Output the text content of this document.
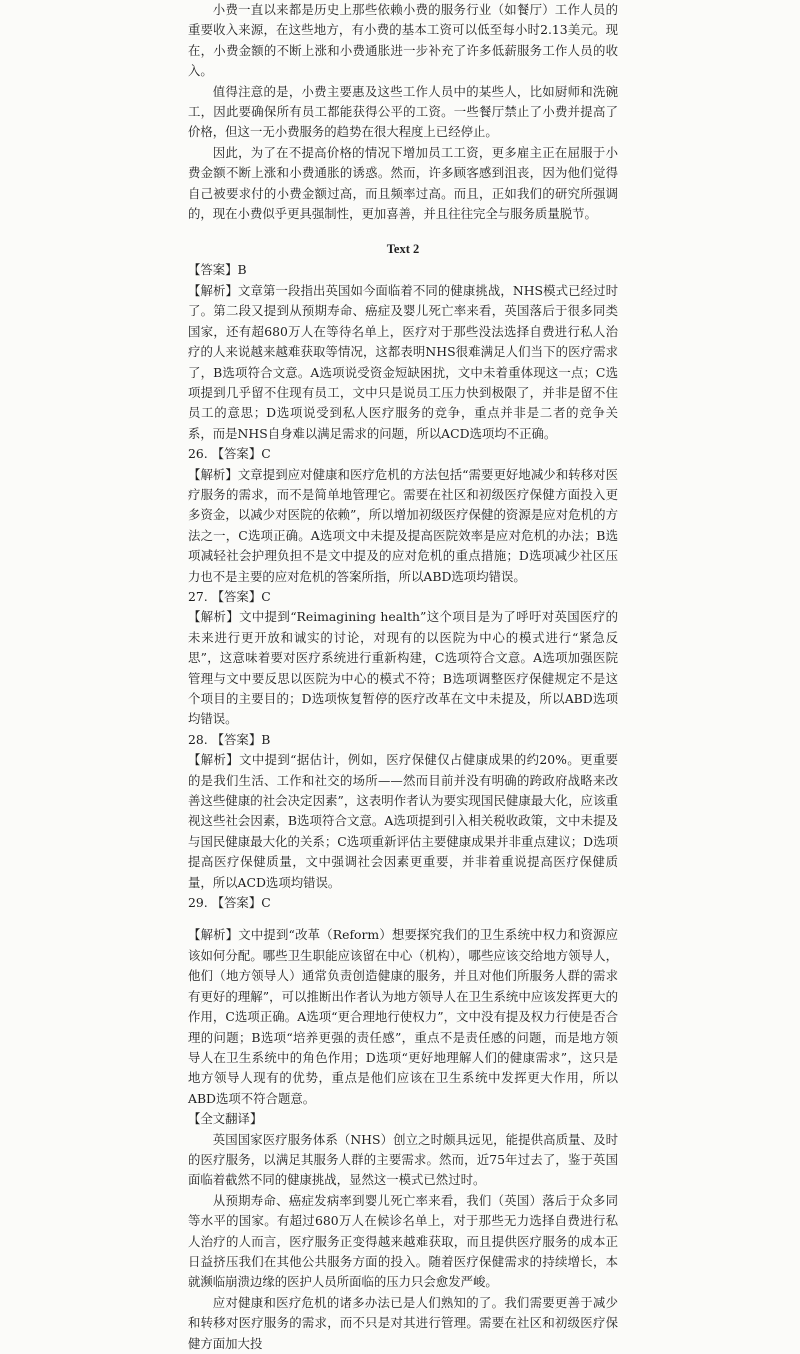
小费一直以来都是历史上那些依赖小费的服务行业（如餐厅）工作人员的重要收入来源，在这些地方，有小费的基本工资可以低至每小时2.13美元。现在，小费金额的不断上涨和小费通胀进一步补充了许多低薪服务工作人员的收入。

值得注意的是，小费主要惠及这些工作人员中的某些人，比如厨师和洗碗工，因此要确保所有员工都能获得公平的工资。一些餐厅禁止了小费并提高了价格，但这一无小费服务的趋势在很大程度上已经停止。

因此，为了在不提高价格的情况下增加员工工资，更多雇主正在屈服于小费金额不断上涨和小费通胀的诱惑。然而，许多顾客感到沮丧，因为他们觉得自己被要求付的小费金额过高，而且频率过高。而且，正如我们的研究所强调的，现在小费似乎更具强制性，更加喜善，并且往往完全与服务质量脱节。

Text 2

【答案】B

【解析】文章第一段指出英国如今面临着不同的健康挑战，NHS模式已经过时了。第二段又提到从预期寿命、癌症及婴儿死亡率来看，英国落后于很多同类国家，还有超680万人在等待名单上，医疗对于那些没法选择自费进行私人治疗的人来说越来越难获取等情况，这都表明NHS很难满足人们当下的医疗需求了，B选项符合文意。A选项说受资金短缺困扰，文中未着重体现这一点；C选项提到几乎留不住现有员工，文中只是说员工压力快到极限了，并非是留不住员工的意思；D选项说受到私人医疗服务的竞争，重点并非是二者的竞争关系，而是NHS自身难以满足需求的问题，所以ACD选项均不正确。

26. 【答案】C

【解析】文章提到应对健康和医疗危机的方法包括“需要更好地减少和转移对医疗服务的需求，而不是简单地管理它。需要在社区和初级医疗保健方面投入更多资金，以减少对医院的依赖”，所以增加初级医疗保健的资源是应对危机的方法之一，C选项正确。A选项文中未提及提高医院效率是应对危机的办法；B选项减轻社会护理负担不是文中提及的应对危机的重点措施；D选项减少社区压力也不是主要的应对危机的答案所指，所以ABD选项均错误。

27. 【答案】C

【解析】文中提到“Reimagining health”这个项目是为了呼吁对英国医疗的未来进行更开放和诚实的讨论，对现有的以医院为中心的模式进行“紧急反思”，这意味着要对医疗系统进行重新构建，C选项符合文意。A选项加强医院管理与文中要反思以医院为中心的模式不符；B选项调整医疗保健规定不是这个项目的主要目的；D选项恢复暂停的医疗改革在文中未提及，所以ABD选项均错误。

28. 【答案】B

【解析】文中提到“据估计，例如，医疗保健仅占健康成果的约20%。更重要的是我们生活、工作和社交的场所——然而目前并没有明确的跨政府战略来改善这些健康的社会决定因素”，这表明作者认为要实现国民健康最大化，应该重视这些社会因素，B选项符合文意。A选项提到引入相关税收政策，文中未提及与国民健康最大化的关系；C选项重新评估主要健康成果并非重点建议；D选项提高医疗保健质量，文中强调社会因素更重要，并非着重说提高医疗保健质量，所以ACD选项均错误。

29. 【答案】C

【解析】文中提到“改革（Reform）想要探究我们的卫生系统中权力和资源应该如何分配。哪些卫生职能应该留在中心（机构），哪些应该交给地方领导人，他们（地方领导人）通常负责创造健康的服务，并且对他们所服务人群的需求有更好的理解”，可以推断出作者认为地方领导人在卫生系统中应该发挥更大的作用，C选项正确。A选项“更合理地行使权力”，文中没有提及权力行使是否合理的问题；B选项“培养更强的责任感”，重点不是责任感的问题，而是地方领导人在卫生系统中的角色作用；D选项“更好地理解人们的健康需求”，这只是地方领导人现有的优势，重点是他们应该在卫生系统中发挥更大作用，所以ABD选项不符合题意。

【全文翻译】

英国国家医疗服务体系（NHS）创立之时颇具远见，能提供高质量、及时的医疗服务，以满足其服务人群的主要需求。然而，近75年过去了，鉴于英国面临着截然不同的健康挑战，显然这一模式已然过时。

从预期寿命、癌症发病率到婴儿死亡率来看，我们（英国）落后于众多同等水平的国家。有超过680万人在候诊名单上，对于那些无力选择自费进行私人治疗的人而言，医疗服务正变得越来越难获取，而且提供医疗服务的成本正日益挤压我们在其他公共服务方面的投入。随着医疗保健需求的持续增长，本就濒临崩溃边缘的医护人员所面临的压力只会愈发严峻。

应对健康和医疗危机的诸多办法已是人们熟知的了。我们需要更善于减少和转移对医疗服务的需求，而不只是对其进行管理。需要在社区和初级医疗保健方面加大投
